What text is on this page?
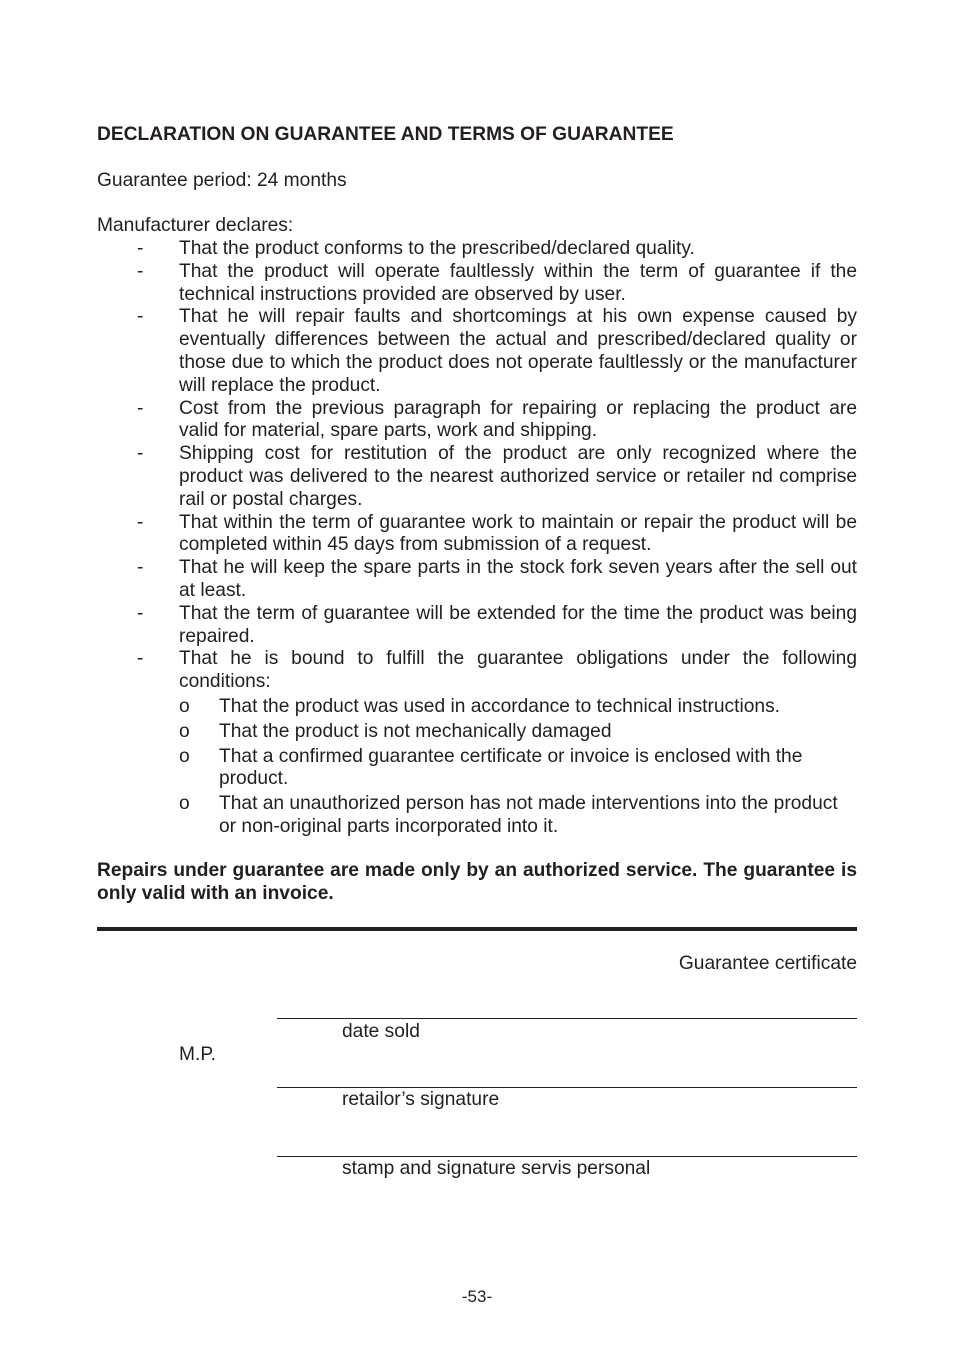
DECLARATION ON GUARANTEE AND TERMS OF GUARANTEE
Guarantee period: 24 months
Manufacturer declares:
- That the product conforms to the prescribed/declared quality.
- That the product will operate faultlessly within the term of guarantee if the technical instructions provided are observed by user.
- That he will repair faults and shortcomings at his own expense caused by eventually differences between the actual and prescribed/declared quality or those due to which the product does not operate faultlessly or the manufacturer will replace the product.
- Cost from the previous paragraph for repairing or replacing the product are valid for material, spare parts, work and shipping.
- Shipping cost for restitution of the product are only recognized where the product was delivered to the nearest authorized service or retailer nd comprise rail or postal charges.
- That within the term of guarantee work to maintain or repair the product will be completed within 45 days from submission of a request.
- That he will keep the spare parts in the stock fork seven years after the sell out at least.
- That the term of guarantee will be extended for the time the product was being repaired.
- That he is bound to fulfill the guarantee obligations under the following conditions:
o That the product was used in accordance to technical instructions.
o That the product is not mechanically damaged
o That a confirmed guarantee certificate or invoice is enclosed with the product.
o That an unauthorized person has not made interventions into the product or non-original parts incorporated into it.
Repairs under guarantee are made only by an authorized service. The guarantee is only valid with an invoice.
Guarantee certificate
date sold
M.P.
retailor’s signature
stamp and signature servis personal
-53-
